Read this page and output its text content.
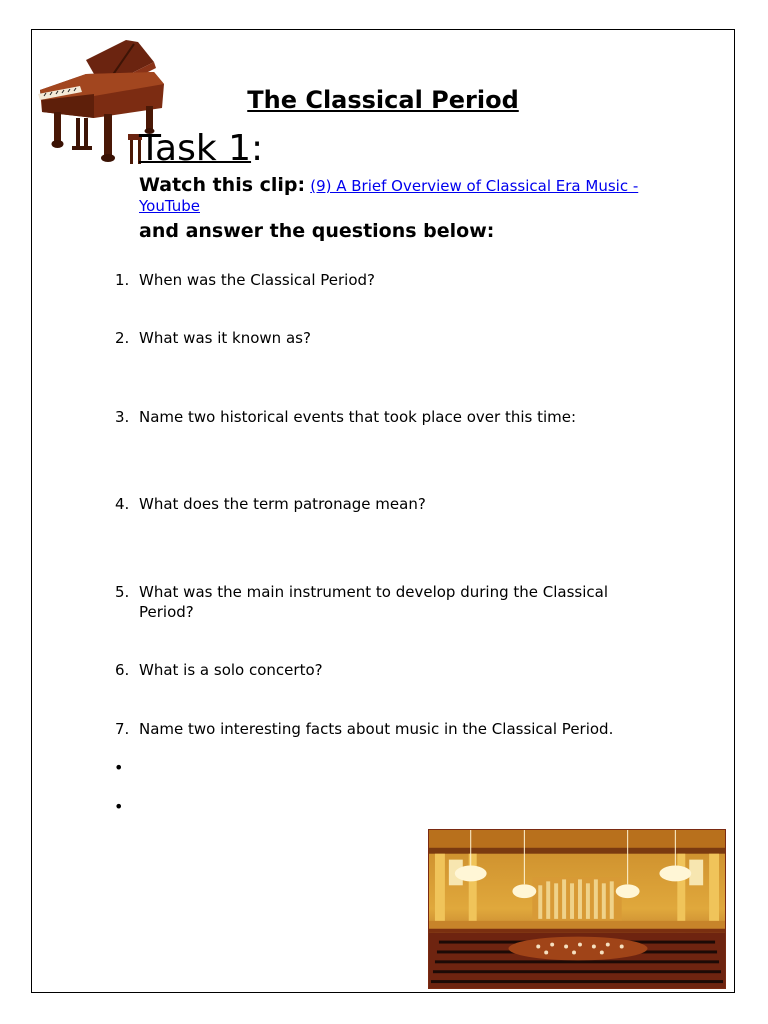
The Classical Period
Task 1:

Watch this clip: (9) A Brief Overview of Classical Era Music - YouTube

and answer the questions below:

1. When was the Classical Period?
2. What was it known as?
3. Name two historical events that took place over this time:
4. What does the term patronage mean?
5. What was the main instrument to develop during the Classical Period?
6. What is a solo concerto?
7. Name two interesting facts about music in the Classical Period.
•
•
